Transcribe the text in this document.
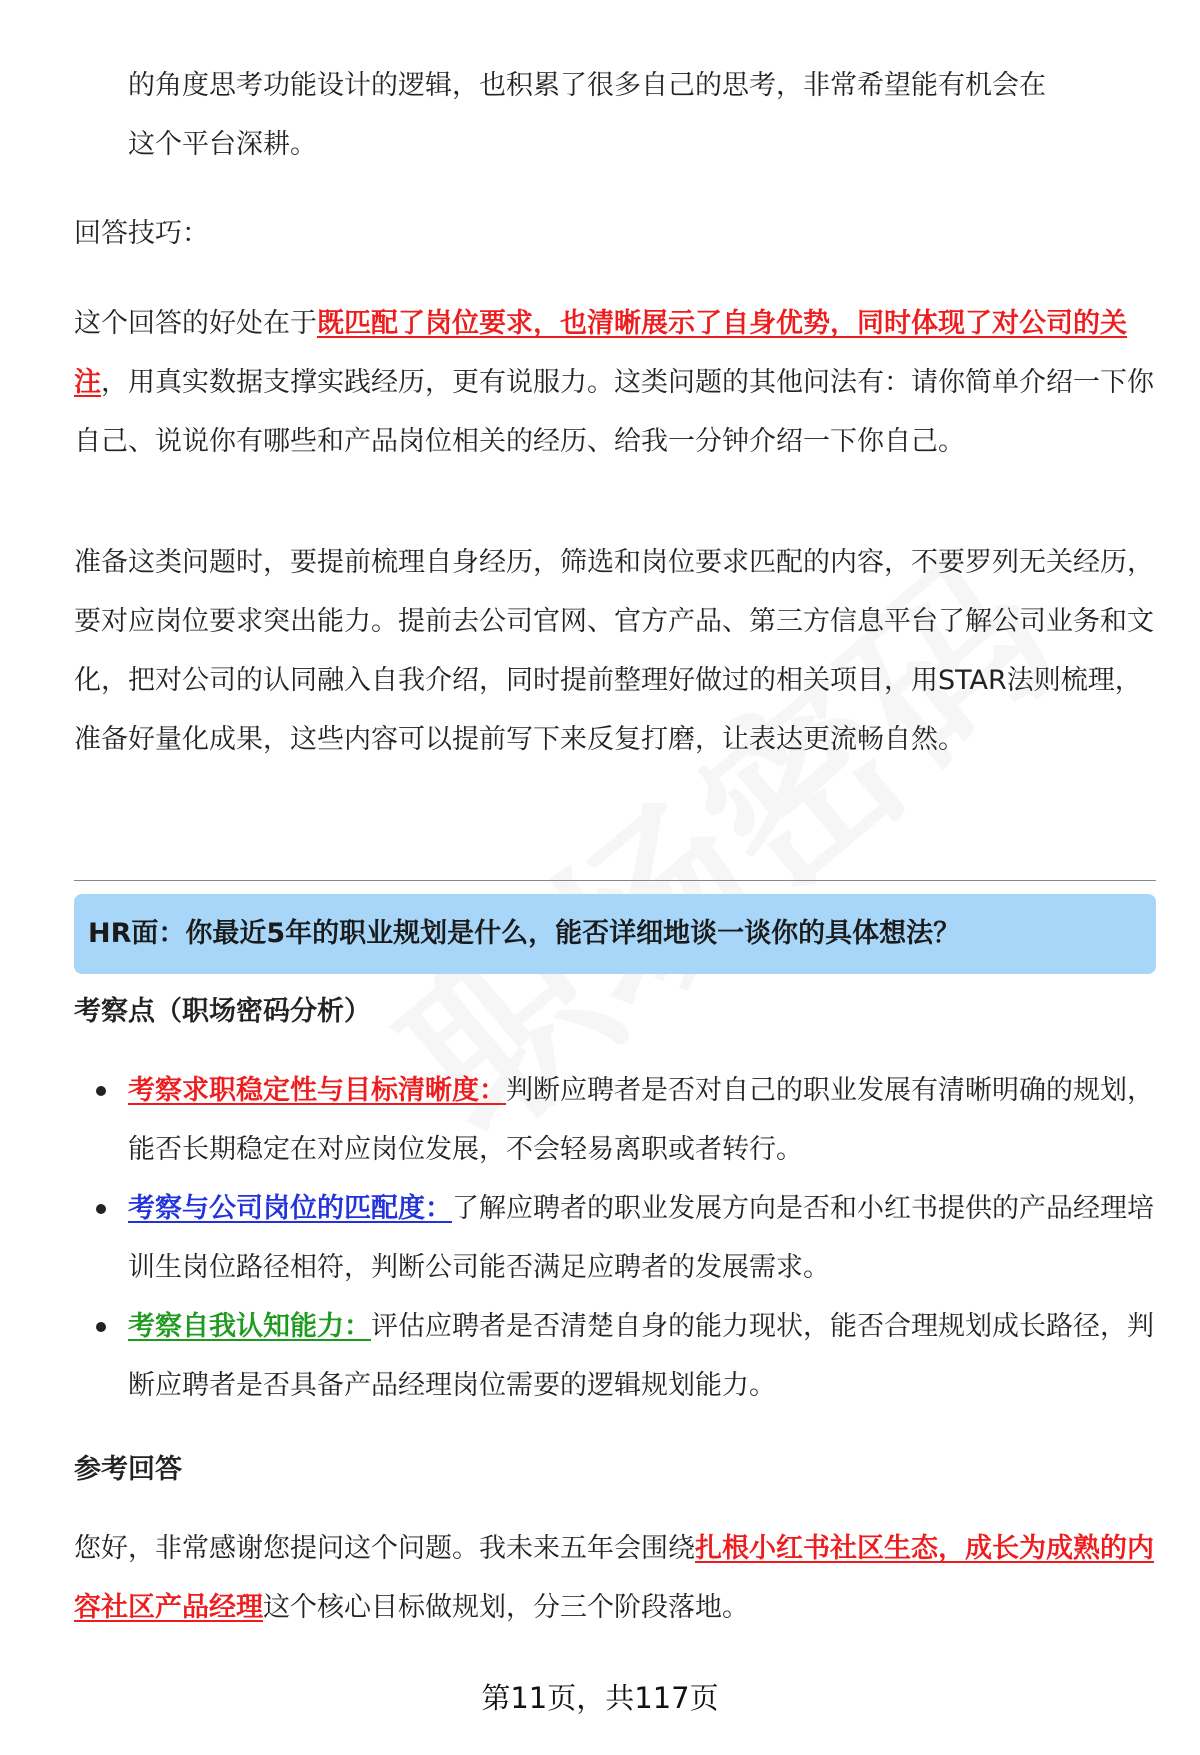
的角度思考功能设计的逻辑，也积累了很多自己的思考，非常希望能有机会在
这个平台深耕。
回答技巧：
这个回答的好处在于既匹配了岗位要求，也清晰展示了自身优势，同时体现了对公司的关注，用真实数据支撑实践经历，更有说服力。这类问题的其他问法有：请你简单介绍一下你自己、说说你有哪些和产品岗位相关的经历、给我一分钟介绍一下你自己。
准备这类问题时，要提前梳理自身经历，筛选和岗位要求匹配的内容，不要罗列无关经历，要对应岗位要求突出能力。提前去公司官网、官方产品、第三方信息平台了解公司业务和文化，把对公司的认同融入自我介绍，同时提前整理好做过的相关项目，用STAR法则梳理，准备好量化成果，这些内容可以提前写下来反复打磨，让表达更流畅自然。
HR面：你最近5年的职业规划是什么，能否详细地谈一谈你的具体想法？
考察点（职场密码分析）
考察求职稳定性与目标清晰度：判断应聘者是否对自己的职业发展有清晰明确的规划，能否长期稳定在对应岗位发展，不会轻易离职或者转行。
考察与公司岗位的匹配度：了解应聘者的职业发展方向是否和小红书提供的产品经理培训生岗位路径相符，判断公司能否满足应聘者的发展需求。
考察自我认知能力：评估应聘者是否清楚自身的能力现状，能否合理规划成长路径，判断应聘者是否具备产品经理岗位需要的逻辑规划能力。
参考回答
您好，非常感谢您提问这个问题。我未来五年会围绕扎根小红书社区生态，成长为成熟的内容社区产品经理这个核心目标做规划，分三个阶段落地。
第11页，共117页
